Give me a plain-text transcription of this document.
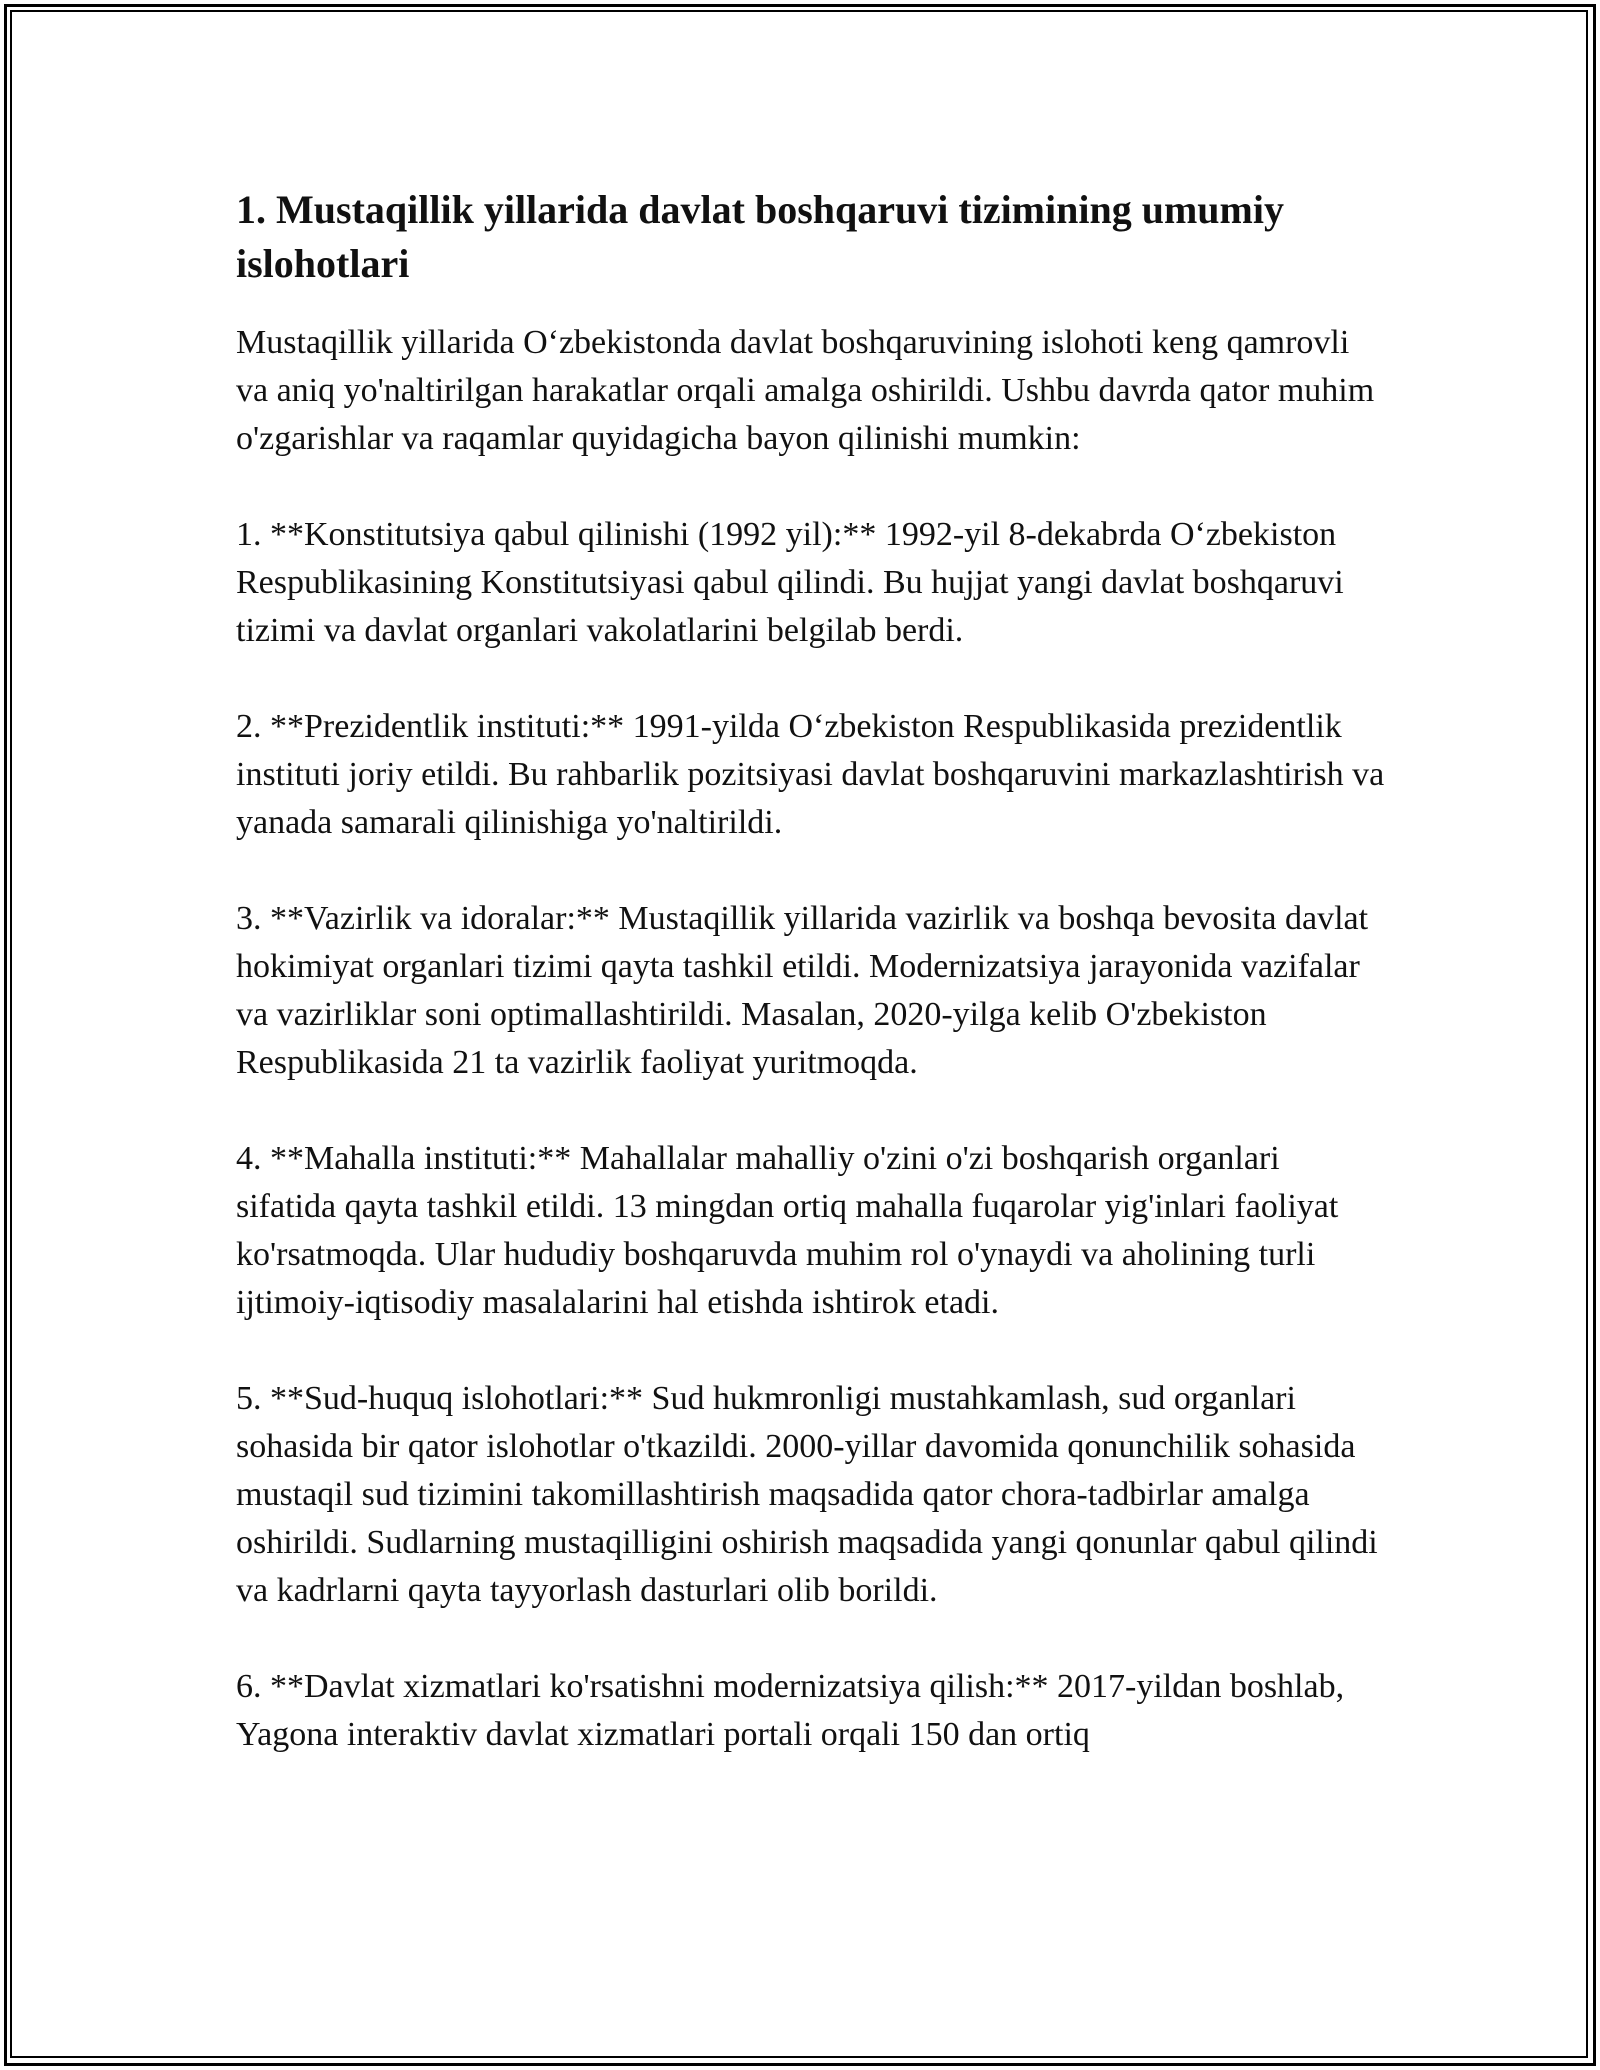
1. Mustaqillik yillarida davlat boshqaruvi tizimining umumiy islohotlari

Mustaqillik yillarida O‘zbekistonda davlat boshqaruvining islohoti keng qamrovli va aniq yo'naltirilgan harakatlar orqali amalga oshirildi. Ushbu davrda qator muhim o'zgarishlar va raqamlar quyidagicha bayon qilinishi mumkin:

1. **Konstitutsiya qabul qilinishi (1992 yil):** 1992-yil 8-dekabrda O‘zbekiston Respublikasining Konstitutsiyasi qabul qilindi. Bu hujjat yangi davlat boshqaruvi tizimi va davlat organlari vakolatlarini belgilab berdi.

2. **Prezidentlik instituti:** 1991-yilda O‘zbekiston Respublikasida prezidentlik instituti joriy etildi. Bu rahbarlik pozitsiyasi davlat boshqaruvini markazlashtirish va yanada samarali qilinishiga yo'naltirildi.

3. **Vazirlik va idoralar:** Mustaqillik yillarida vazirlik va boshqa bevosita davlat hokimiyat organlari tizimi qayta tashkil etildi. Modernizatsiya jarayonida vazifalar va vazirliklar soni optimallashtirildi. Masalan, 2020-yilga kelib O'zbekiston Respublikasida 21 ta vazirlik faoliyat yuritmoqda.

4. **Mahalla instituti:** Mahallalar mahalliy o'zini o'zi boshqarish organlari sifatida qayta tashkil etildi. 13 mingdan ortiq mahalla fuqarolar yig'inlari faoliyat ko'rsatmoqda. Ular hududiy boshqaruvda muhim rol o'ynaydi va aholining turli ijtimoiy-iqtisodiy masalalarini hal etishda ishtirok etadi.

5. **Sud-huquq islohotlari:** Sud hukmronligi mustahkamlash, sud organlari sohasida bir qator islohotlar o'tkazildi. 2000-yillar davomida qonunchilik sohasida mustaqil sud tizimini takomillashtirish maqsadida qator chora-tadbirlar amalga oshirildi. Sudlarning mustaqilligini oshirish maqsadida yangi qonunlar qabul qilindi va kadrlarni qayta tayyorlash dasturlari olib borildi.

6. **Davlat xizmatlari ko'rsatishni modernizatsiya qilish:** 2017-yildan boshlab, Yagona interaktiv davlat xizmatlari portali orqali 150 dan ortiq
